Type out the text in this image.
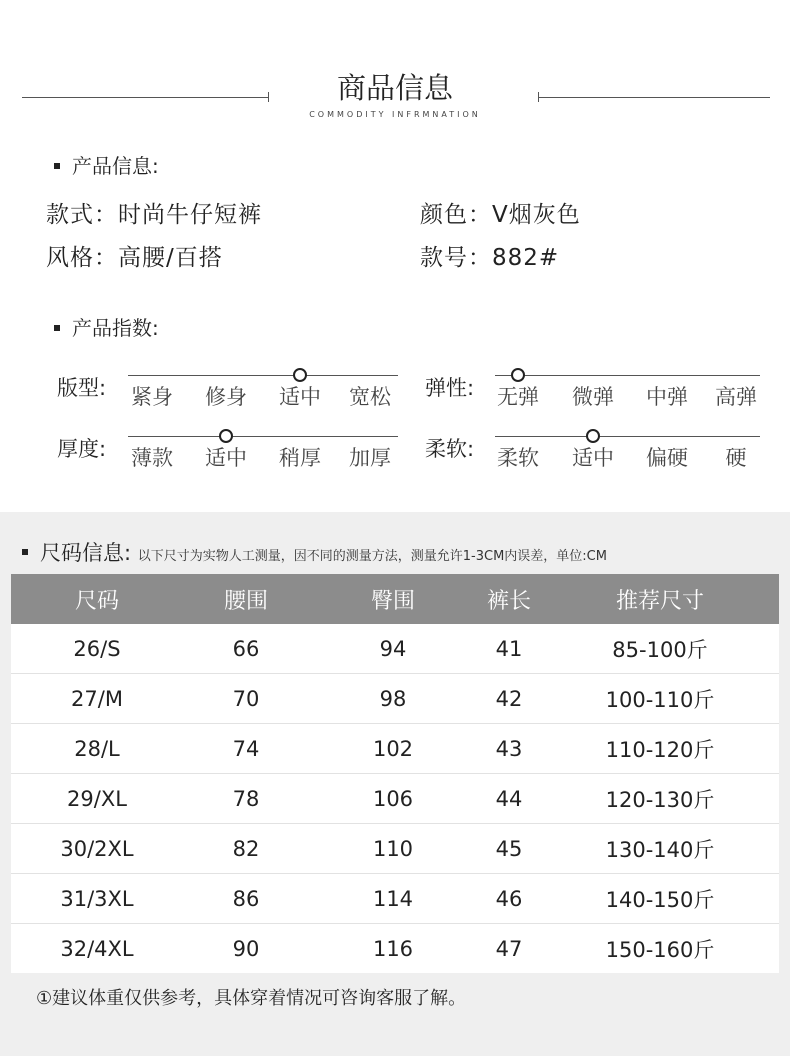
商品信息
COMMODITY INFRMNATION
产品信息:
款式：时尚牛仔短裤	颜色：V烟灰色
风格：高腰/百搭	款号：882#
产品指数:
版型:	紧身	修身	适中	宽松	弹性:	无弹	微弹	中弹	高弹
厚度:	薄款	适中	稍厚	加厚	柔软:	柔软	适中	偏硬	硬
尺码信息: 以下尺寸为实物人工测量，因不同的测量方法，测量允许1-3CM内误差，单位:CM
尺码	腰围	臀围	裤长	推荐尺寸
26/S	66	94	41	85-100斤
27/M	70	98	42	100-110斤
28/L	74	102	43	110-120斤
29/XL	78	106	44	120-130斤
30/2XL	82	110	45	130-140斤
31/3XL	86	114	46	140-150斤
32/4XL	90	116	47	150-160斤
①建议体重仅供参考，具体穿着情况可咨询客服了解。
